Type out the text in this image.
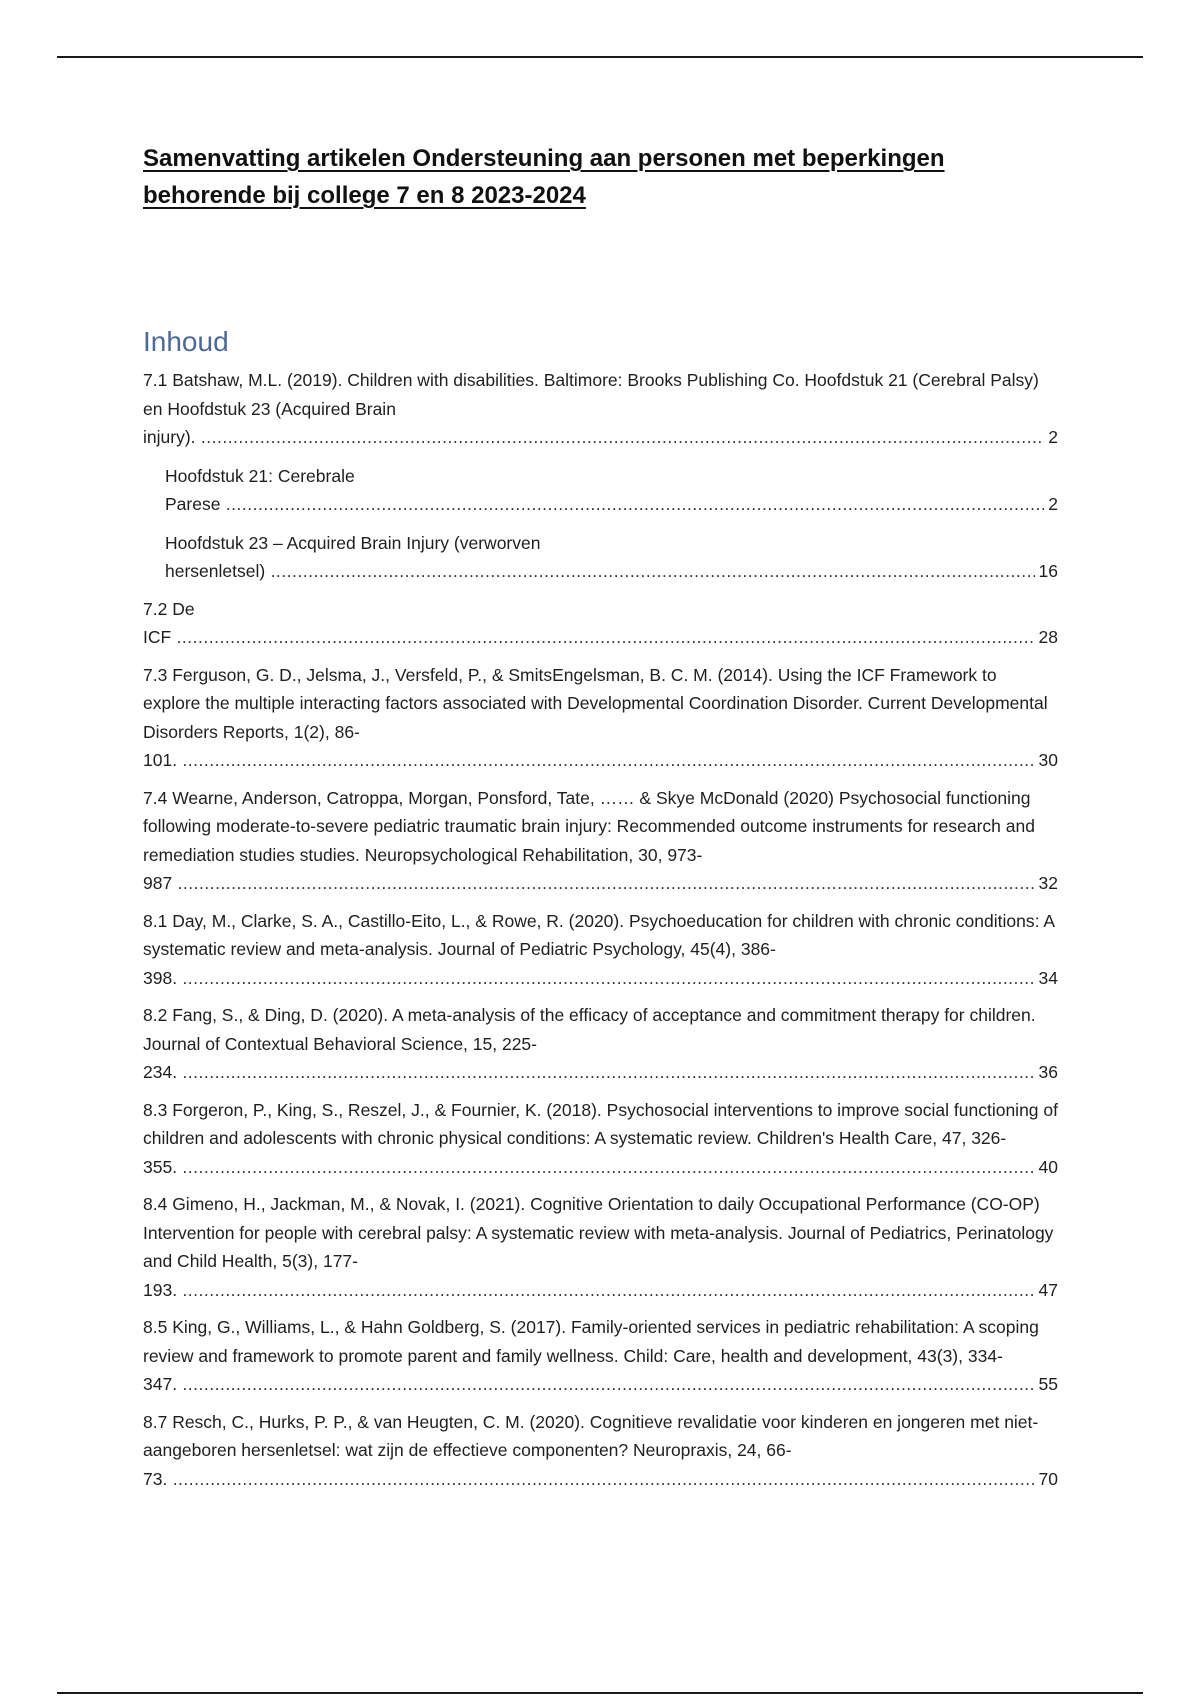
Samenvatting artikelen Ondersteuning aan personen met beperkingen
behorende bij college 7 en 8 2023-2024
Inhoud
7.1 Batshaw, M.L. (2019). Children with disabilities. Baltimore: Brooks Publishing Co. Hoofdstuk 21 (Cerebral Palsy) en Hoofdstuk 23 (Acquired Brain injury). .....	2
Hoofdstuk 21: Cerebrale Parese .....	2
Hoofdstuk 23 – Acquired Brain Injury (verworven hersenletsel) .....	16
7.2 De ICF .....	28
7.3 Ferguson, G. D., Jelsma, J., Versfeld, P., & SmitsEngelsman, B. C. M. (2014). Using the ICF Framework to explore the multiple interacting factors associated with Developmental Coordination Disorder. Current Developmental Disorders Reports, 1(2), 86-101. .....	30
7.4 Wearne, Anderson, Catroppa, Morgan, Ponsford, Tate, …… & Skye McDonald (2020) Psychosocial functioning following moderate-to-severe pediatric traumatic brain injury: Recommended outcome instruments for research and remediation studies studies. Neuropsychological Rehabilitation, 30, 973-987 .....	32
8.1 Day, M., Clarke, S. A., Castillo-Eito, L., & Rowe, R. (2020). Psychoeducation for children with chronic conditions: A systematic review and meta-analysis. Journal of Pediatric Psychology, 45(4), 386-398. .....	34
8.2 Fang, S., & Ding, D. (2020). A meta-analysis of the efficacy of acceptance and commitment therapy for children. Journal of Contextual Behavioral Science, 15, 225-234. .....	36
8.3 Forgeron, P., King, S., Reszel, J., & Fournier, K. (2018). Psychosocial interventions to improve social functioning of children and adolescents with chronic physical conditions: A systematic review. Children's Health Care, 47, 326-355. .....	40
8.4 Gimeno, H., Jackman, M., & Novak, I. (2021). Cognitive Orientation to daily Occupational Performance (CO-OP) Intervention for people with cerebral palsy: A systematic review with meta-analysis. Journal of Pediatrics, Perinatology and Child Health, 5(3), 177-193. .....	47
8.5 King, G., Williams, L., & Hahn Goldberg, S. (2017). Family-oriented services in pediatric rehabilitation: A scoping review and framework to promote parent and family wellness. Child: Care, health and development, 43(3), 334-347. .....	55
8.7 Resch, C., Hurks, P. P., & van Heugten, C. M. (2020). Cognitieve revalidatie voor kinderen en jongeren met niet-aangeboren hersenletsel: wat zijn de effectieve componenten? Neuropraxis, 24, 66-73. .....	70
